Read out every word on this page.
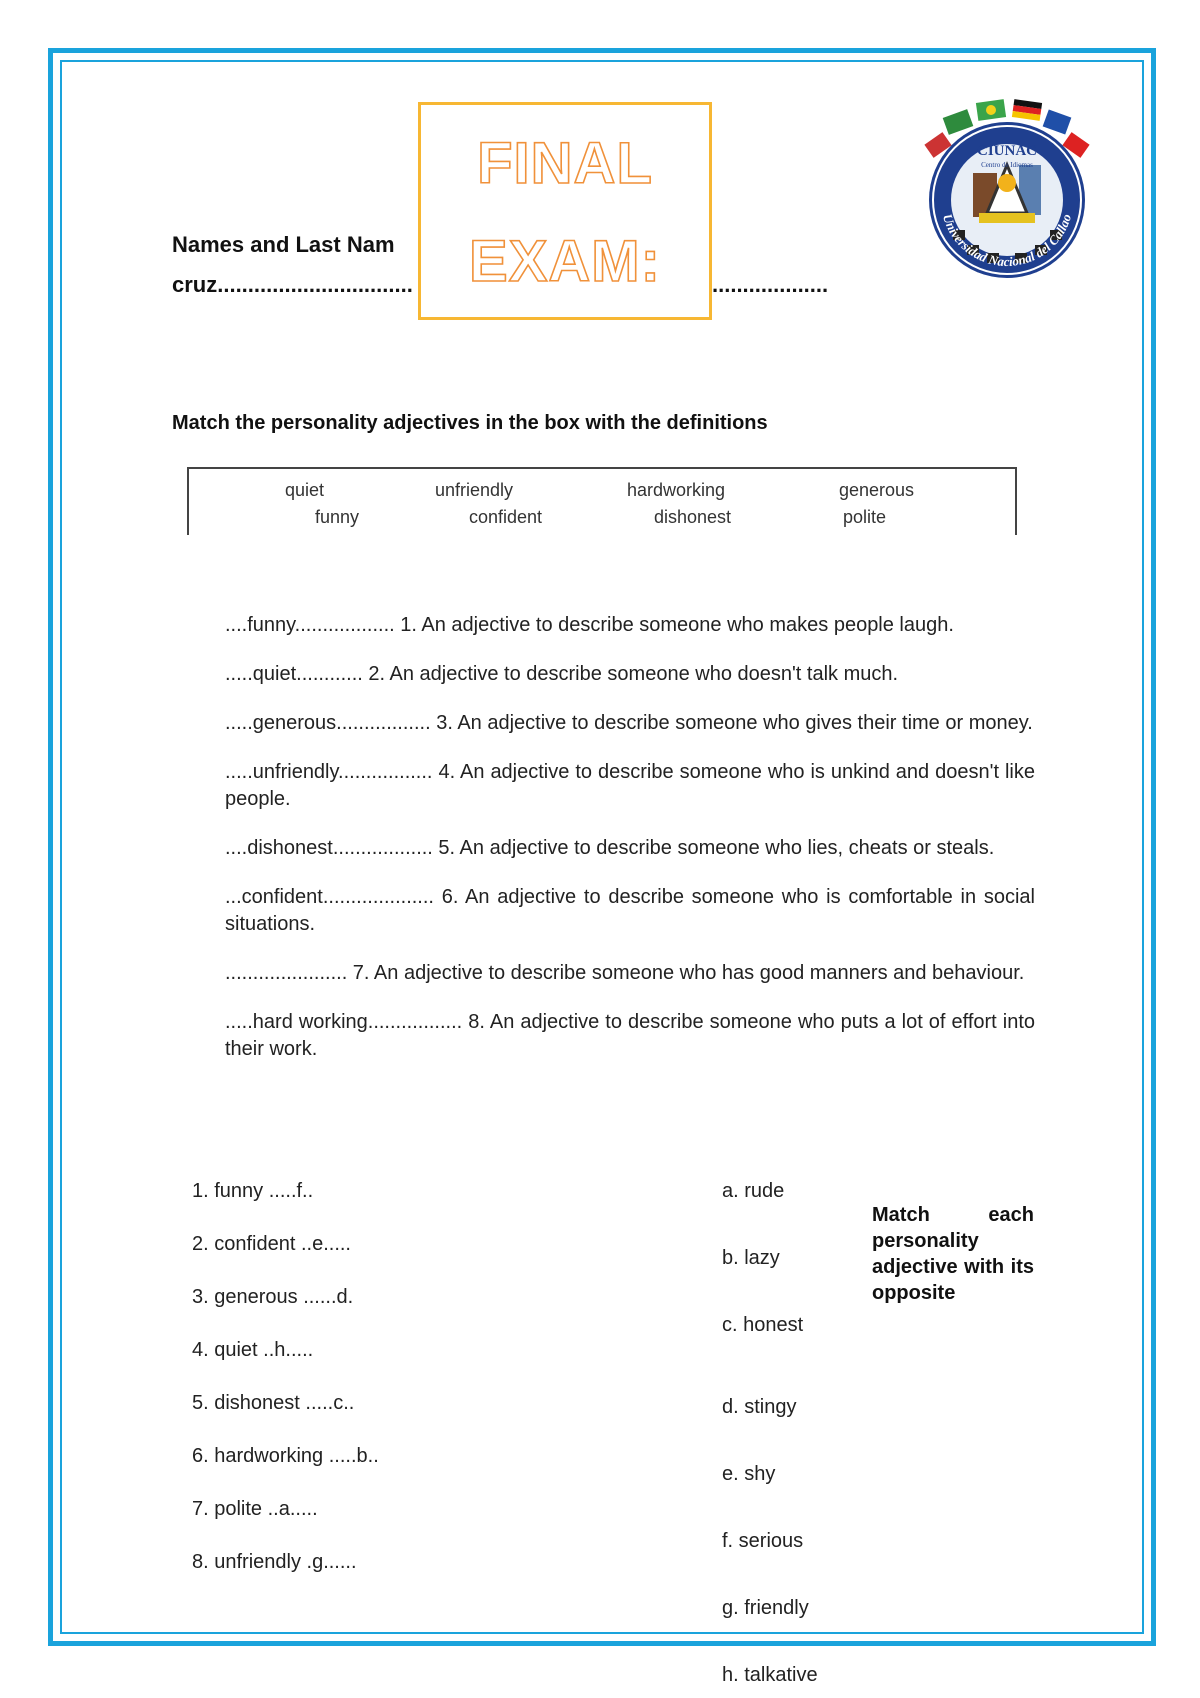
CIUNAC
Centro de Idiomas
Universidad Nacional del Callao
Names and Last Nam
cruz................................	...................
FINAL
EXAM:
Match the personality adjectives in the box with the definitions
quiet	unfriendly	hardworking	generous
funny	confident	dishonest	polite
....funny.................. 1. An adjective to describe someone who makes people laugh.
.....quiet............ 2. An adjective to describe someone who doesn't talk much.
.....generous................. 3. An adjective to describe someone who gives their time or money.
.....unfriendly................. 4. An adjective to describe someone who is unkind and doesn't like people.
....dishonest.................. 5. An adjective to describe someone who lies, cheats or steals.
...confident.................... 6. An adjective to describe someone who is comfortable in social situations.
...................... 7. An adjective to describe someone who has good manners and behaviour.
.....hard working................. 8. An adjective to describe someone who puts a lot of effort into their work.
1. funny .....f..
2. confident ..e.....
3. generous ......d.
4. quiet ..h.....
5. dishonest .....c..
6. hardworking .....b..
7. polite ..a.....
8. unfriendly .g......
a. rude
b. lazy
c. honest
d. stingy
e. shy
f. serious
g. friendly
h. talkative
Match each personality adjective with its opposite
